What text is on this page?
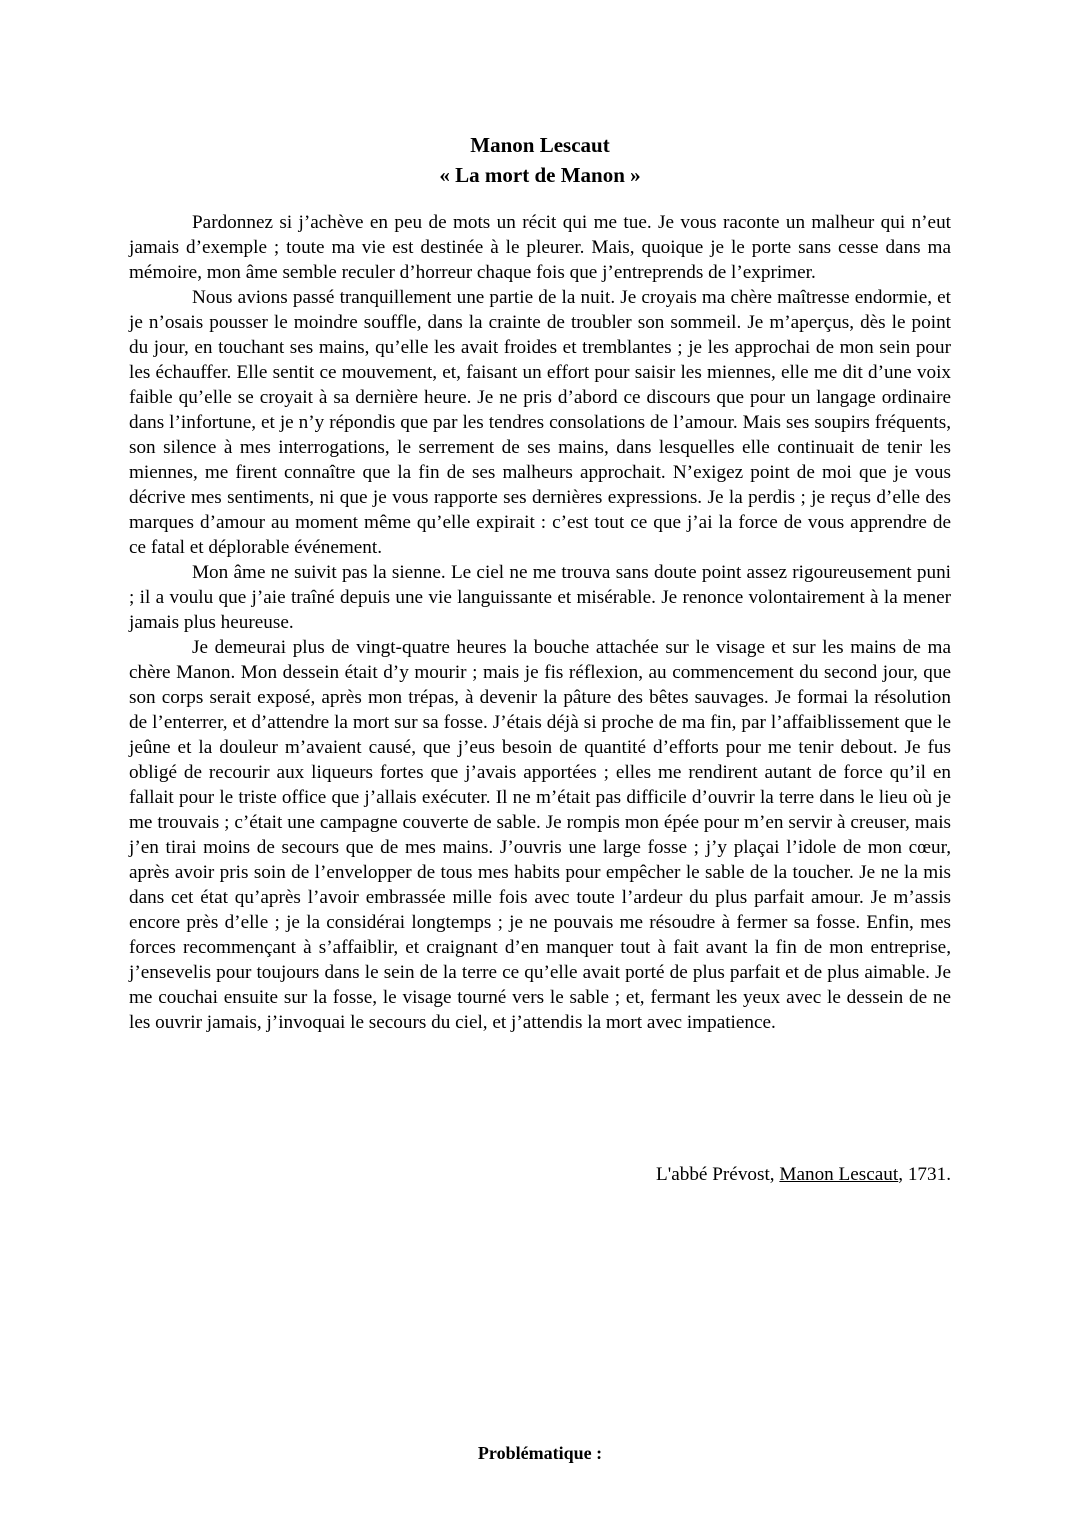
Manon Lescaut
« La mort de Manon »

Pardonnez si j’achève en peu de mots un récit qui me tue. Je vous raconte un malheur qui n’eut jamais d’exemple ; toute ma vie est destinée à le pleurer. Mais, quoique je le porte sans cesse dans ma mémoire, mon âme semble reculer d’horreur chaque fois que j’entreprends de l’exprimer.

Nous avions passé tranquillement une partie de la nuit. Je croyais ma chère maîtresse endormie, et je n’osais pousser le moindre souffle, dans la crainte de troubler son sommeil. Je m’aperçus, dès le point du jour, en touchant ses mains, qu’elle les avait froides et tremblantes ; je les approchai de mon sein pour les échauffer. Elle sentit ce mouvement, et, faisant un effort pour saisir les miennes, elle me dit d’une voix faible qu’elle se croyait à sa dernière heure. Je ne pris d’abord ce discours que pour un langage ordinaire dans l’infortune, et je n’y répondis que par les tendres consolations de l’amour. Mais ses soupirs fréquents, son silence à mes interrogations, le serrement de ses mains, dans lesquelles elle continuait de tenir les miennes, me firent connaître que la fin de ses malheurs approchait. N’exigez point de moi que je vous décrive mes sentiments, ni que je vous rapporte ses dernières expressions. Je la perdis ; je reçus d’elle des marques d’amour au moment même qu’elle expirait : c’est tout ce que j’ai la force de vous apprendre de ce fatal et déplorable événement.

Mon âme ne suivit pas la sienne. Le ciel ne me trouva sans doute point assez rigoureusement puni ; il a voulu que j’aie traîné depuis une vie languissante et misérable. Je renonce volontairement à la mener jamais plus heureuse.

Je demeurai plus de vingt-quatre heures la bouche attachée sur le visage et sur les mains de ma chère Manon. Mon dessein était d’y mourir ; mais je fis réflexion, au commencement du second jour, que son corps serait exposé, après mon trépas, à devenir la pâture des bêtes sauvages. Je formai la résolution de l’enterrer, et d’attendre la mort sur sa fosse. J’étais déjà si proche de ma fin, par l’affaiblissement que le jeûne et la douleur m’avaient causé, que j’eus besoin de quantité d’efforts pour me tenir debout. Je fus obligé de recourir aux liqueurs fortes que j’avais apportées ; elles me rendirent autant de force qu’il en fallait pour le triste office que j’allais exécuter. Il ne m’était pas difficile d’ouvrir la terre dans le lieu où je me trouvais ; c’était une campagne couverte de sable. Je rompis mon épée pour m’en servir à creuser, mais j’en tirai moins de secours que de mes mains. J’ouvris une large fosse ; j’y plaçai l’idole de mon cœur, après avoir pris soin de l’envelopper de tous mes habits pour empêcher le sable de la toucher. Je ne la mis dans cet état qu’après l’avoir embrassée mille fois avec toute l’ardeur du plus parfait amour. Je m’assis encore près d’elle ; je la considérai longtemps ; je ne pouvais me résoudre à fermer sa fosse. Enfin, mes forces recommençant à s’affaiblir, et craignant d’en manquer tout à fait avant la fin de mon entreprise, j’ensevelis pour toujours dans le sein de la terre ce qu’elle avait porté de plus parfait et de plus aimable. Je me couchai ensuite sur la fosse, le visage tourné vers le sable ; et, fermant les yeux avec le dessein de ne les ouvrir jamais, j’invoquai le secours du ciel, et j’attendis la mort avec impatience.

L'abbé Prévost, Manon Lescaut, 1731.
Problématique :
